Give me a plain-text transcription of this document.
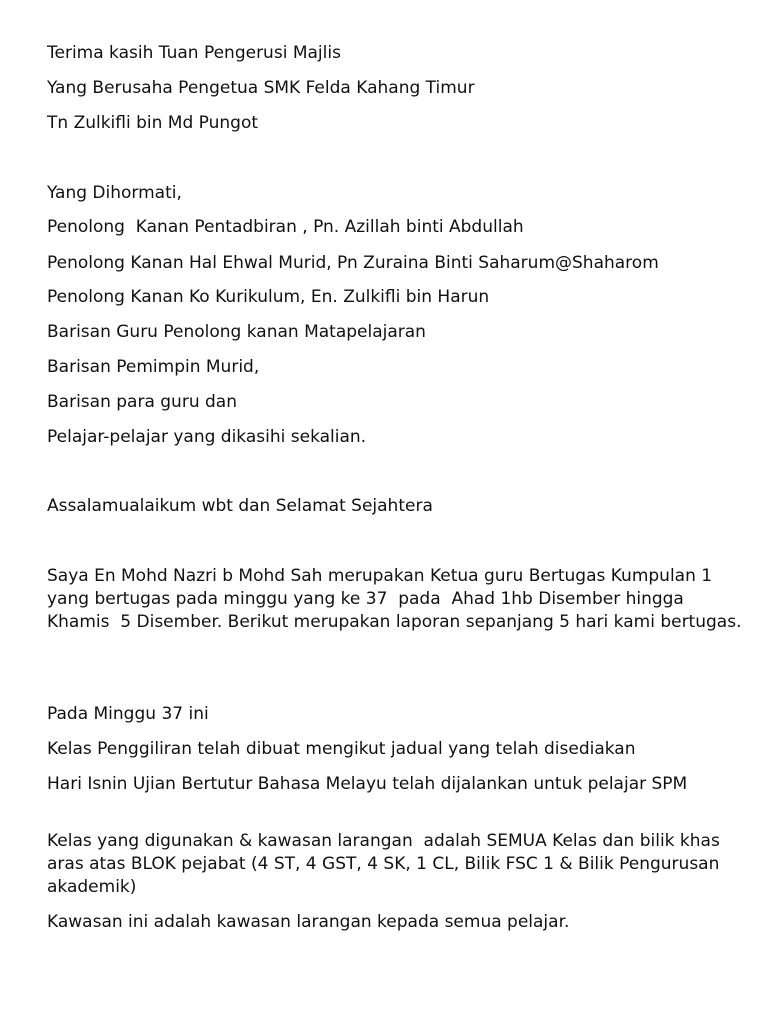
Terima kasih Tuan Pengerusi Majlis

Yang Berusaha Pengetua SMK Felda Kahang Timur

Tn Zulkifli bin Md Pungot

Yang Dihormati,

Penolong  Kanan Pentadbiran , Pn. Azillah binti Abdullah

Penolong Kanan Hal Ehwal Murid, Pn Zuraina Binti Saharum@Shaharom

Penolong Kanan Ko Kurikulum, En. Zulkifli bin Harun

Barisan Guru Penolong kanan Matapelajaran

Barisan Pemimpin Murid,

Barisan para guru dan

Pelajar-pelajar yang dikasihi sekalian.

Assalamualaikum wbt dan Selamat Sejahtera

Saya En Mohd Nazri b Mohd Sah merupakan Ketua guru Bertugas Kumpulan 1 yang bertugas pada minggu yang ke 37  pada  Ahad 1hb Disember hingga Khamis  5 Disember. Berikut merupakan laporan sepanjang 5 hari kami bertugas.

Pada Minggu 37 ini

Kelas Penggiliran telah dibuat mengikut jadual yang telah disediakan

Hari Isnin Ujian Bertutur Bahasa Melayu telah dijalankan untuk pelajar SPM

Kelas yang digunakan & kawasan larangan  adalah SEMUA Kelas dan bilik khas aras atas BLOK pejabat (4 ST, 4 GST, 4 SK, 1 CL, Bilik FSC 1 & Bilik Pengurusan akademik)

Kawasan ini adalah kawasan larangan kepada semua pelajar.
